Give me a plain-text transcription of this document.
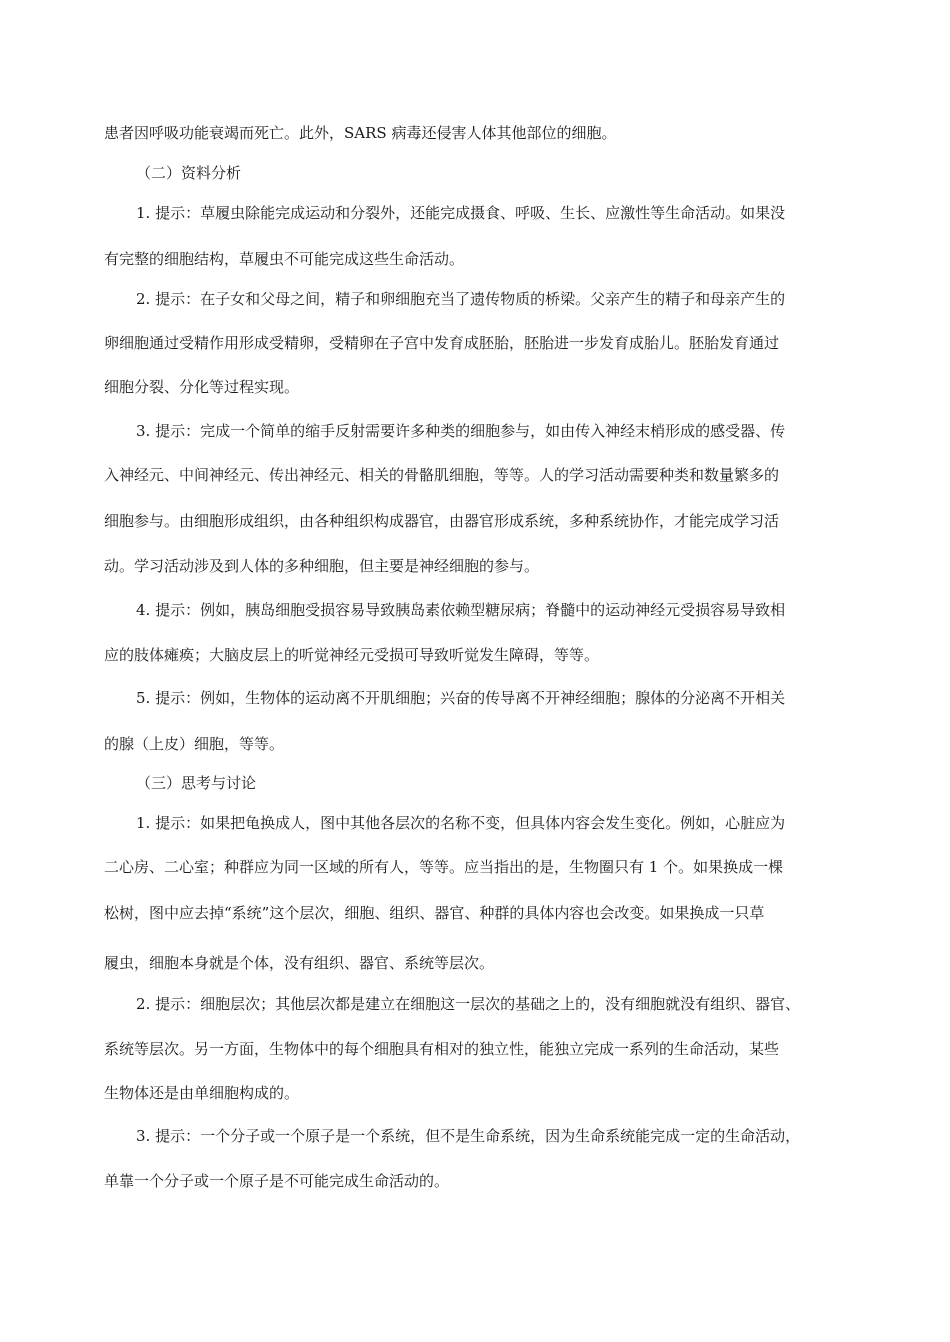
患者因呼吸功能衰竭而死亡。此外，SARS 病毒还侵害人体其他部位的细胞。
（二）资料分析
1. 提示：草履虫除能完成运动和分裂外，还能完成摄食、呼吸、生长、应激性等生命活动。如果没
有完整的细胞结构，草履虫不可能完成这些生命活动。
2. 提示：在子女和父母之间，精子和卵细胞充当了遗传物质的桥梁。父亲产生的精子和母亲产生的
卵细胞通过受精作用形成受精卵，受精卵在子宫中发育成胚胎，胚胎进一步发育成胎儿。胚胎发育通过
细胞分裂、分化等过程实现。
3. 提示：完成一个简单的缩手反射需要许多种类的细胞参与，如由传入神经末梢形成的感受器、传
入神经元、中间神经元、传出神经元、相关的骨骼肌细胞，等等。人的学习活动需要种类和数量繁多的
细胞参与。由细胞形成组织，由各种组织构成器官，由器官形成系统，多种系统协作，才能完成学习活
动。学习活动涉及到人体的多种细胞，但主要是神经细胞的参与。
4. 提示：例如，胰岛细胞受损容易导致胰岛素依赖型糖尿病；脊髓中的运动神经元受损容易导致相
应的肢体瘫痪；大脑皮层上的听觉神经元受损可导致听觉发生障碍，等等。
5. 提示：例如，生物体的运动离不开肌细胞；兴奋的传导离不开神经细胞；腺体的分泌离不开相关
的腺（上皮）细胞，等等。
（三）思考与讨论
1. 提示：如果把龟换成人，图中其他各层次的名称不变，但具体内容会发生变化。例如，心脏应为
二心房、二心室；种群应为同一区域的所有人，等等。应当指出的是，生物圈只有 1 个。如果换成一棵
松树，图中应去掉“系统”这个层次，细胞、组织、器官、种群的具体内容也会改变。如果换成一只草
履虫，细胞本身就是个体，没有组织、器官、系统等层次。
2. 提示：细胞层次；其他层次都是建立在细胞这一层次的基础之上的，没有细胞就没有组织、器官、
系统等层次。另一方面，生物体中的每个细胞具有相对的独立性，能独立完成一系列的生命活动，某些
生物体还是由单细胞构成的。
3. 提示：一个分子或一个原子是一个系统，但不是生命系统，因为生命系统能完成一定的生命活动，
单靠一个分子或一个原子是不可能完成生命活动的。
